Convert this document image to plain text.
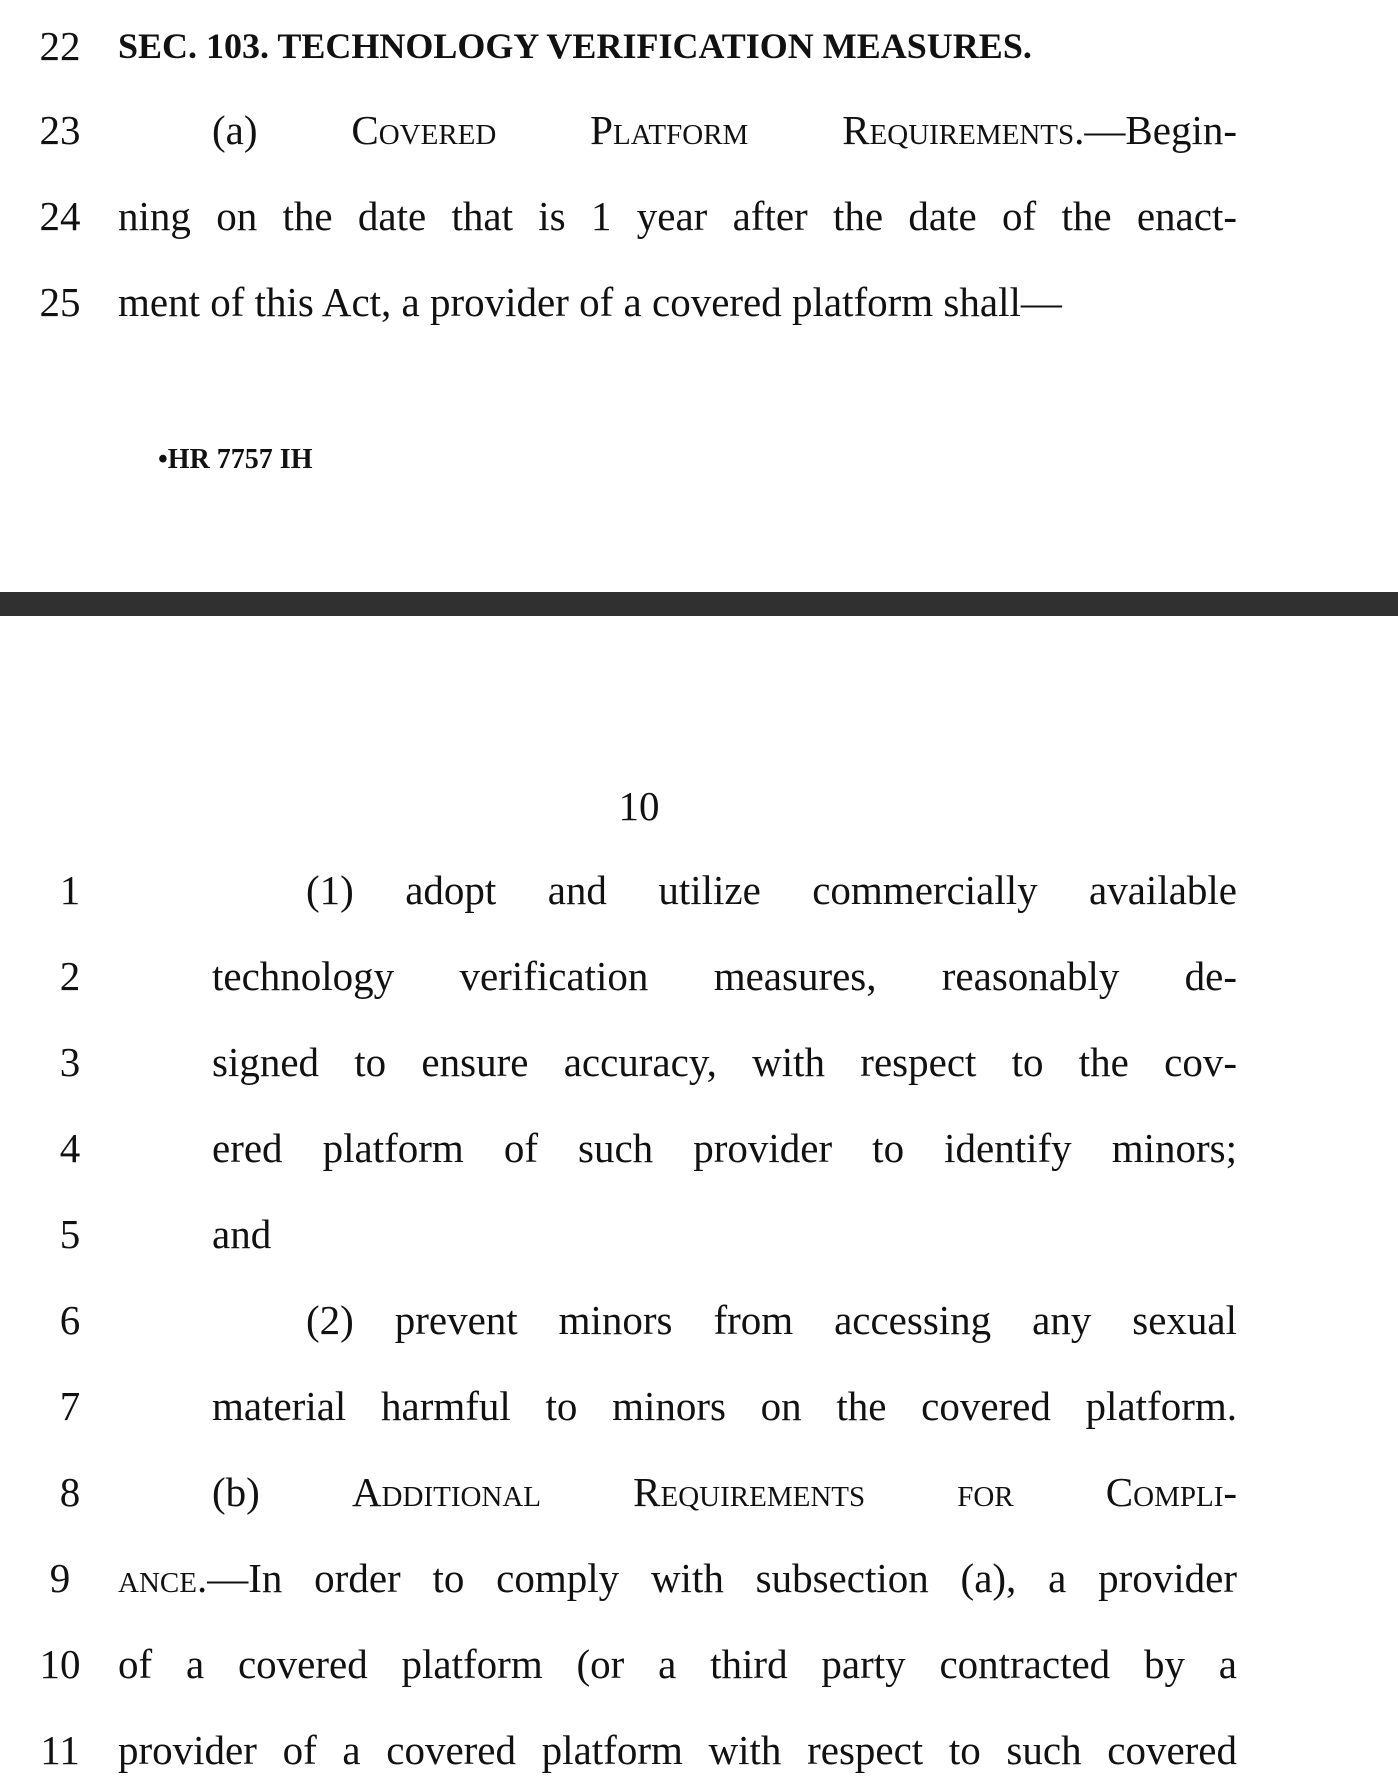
22 SEC. 103. TECHNOLOGY VERIFICATION MEASURES.
23	(a) Covered Platform Requirements.—Begin-
24 ning on the date that is 1 year after the date of the enact-
25 ment of this Act, a provider of a covered platform shall—
•HR 7757 IH
10
1	(1) adopt and utilize commercially available
2	technology verification measures, reasonably de-
3	signed to ensure accuracy, with respect to the cov-
4	ered platform of such provider to identify minors;
5	and
6	(2) prevent minors from accessing any sexual
7	material harmful to minors on the covered platform.
8	(b) Additional Requirements for Compli-
9	ance.—In order to comply with subsection (a), a provider
10 of a covered platform (or a third party contracted by a
11 provider of a covered platform with respect to such covered
